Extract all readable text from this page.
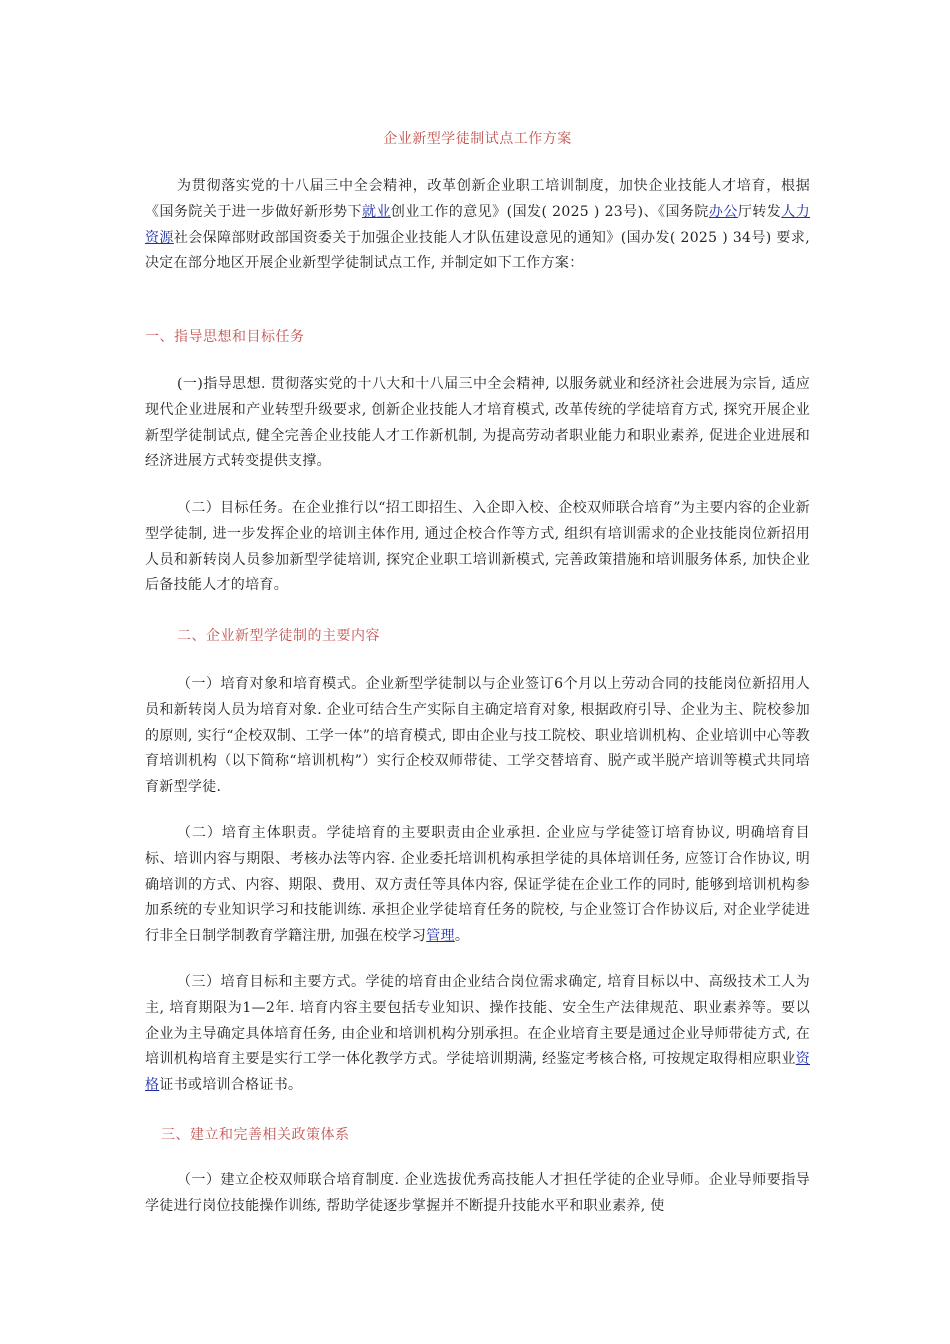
企业新型学徒制试点工作方案
为贯彻落实党的十八届三中全会精神，改革创新企业职工培训制度，加快企业技能人才培育，根据《国务院关于进一步做好新形势下就业创业工作的意见》(国发( 2025 ) 23号)、《国务院办公厅转发人力资源社会保障部财政部国资委关于加强企业技能人才队伍建设意见的通知》(国办发( 2025 ) 34号) 要求, 决定在部分地区开展企业新型学徒制试点工作, 并制定如下工作方案：
一、指导思想和目标任务
(一)指导思想. 贯彻落实党的十八大和十八届三中全会精神, 以服务就业和经济社会进展为宗旨, 适应现代企业进展和产业转型升级要求, 创新企业技能人才培育模式, 改革传统的学徒培育方式, 探究开展企业新型学徒制试点, 健全完善企业技能人才工作新机制, 为提高劳动者职业能力和职业素养, 促进企业进展和经济进展方式转变提供支撑。
（二）目标任务。在企业推行以“招工即招生、入企即入校、企校双师联合培育”为主要内容的企业新型学徒制, 进一步发挥企业的培训主体作用, 通过企校合作等方式, 组织有培训需求的企业技能岗位新招用人员和新转岗人员参加新型学徒培训, 探究企业职工培训新模式, 完善政策措施和培训服务体系, 加快企业后备技能人才的培育。
二、企业新型学徒制的主要内容
（一）培育对象和培育模式。企业新型学徒制以与企业签订6个月以上劳动合同的技能岗位新招用人员和新转岗人员为培育对象. 企业可结合生产实际自主确定培育对象, 根据政府引导、企业为主、院校参加的原则, 实行“企校双制、工学一体”的培育模式, 即由企业与技工院校、职业培训机构、企业培训中心等教育培训机构（以下简称“培训机构”）实行企校双师带徒、工学交替培育、脱产或半脱产培训等模式共同培育新型学徒.
（二）培育主体职责。学徒培育的主要职责由企业承担. 企业应与学徒签订培育协议, 明确培育目标、培训内容与期限、考核办法等内容. 企业委托培训机构承担学徒的具体培训任务, 应签订合作协议, 明确培训的方式、内容、期限、费用、双方责任等具体内容, 保证学徒在企业工作的同时, 能够到培训机构参加系统的专业知识学习和技能训练. 承担企业学徒培育任务的院校, 与企业签订合作协议后, 对企业学徒进行非全日制学制教育学籍注册, 加强在校学习管理。
（三）培育目标和主要方式。学徒的培育由企业结合岗位需求确定, 培育目标以中、高级技术工人为主, 培育期限为1—2年. 培育内容主要包括专业知识、操作技能、安全生产法律规范、职业素养等。要以企业为主导确定具体培育任务, 由企业和培训机构分别承担。在企业培育主要是通过企业导师带徒方式, 在培训机构培育主要是实行工学一体化教学方式。学徒培训期满, 经鉴定考核合格, 可按规定取得相应职业资格证书或培训合格证书。
三、建立和完善相关政策体系
（一）建立企校双师联合培育制度. 企业选拔优秀高技能人才担任学徒的企业导师。企业导师要指导学徒进行岗位技能操作训练, 帮助学徒逐步掌握并不断提升技能水平和职业素养, 使
